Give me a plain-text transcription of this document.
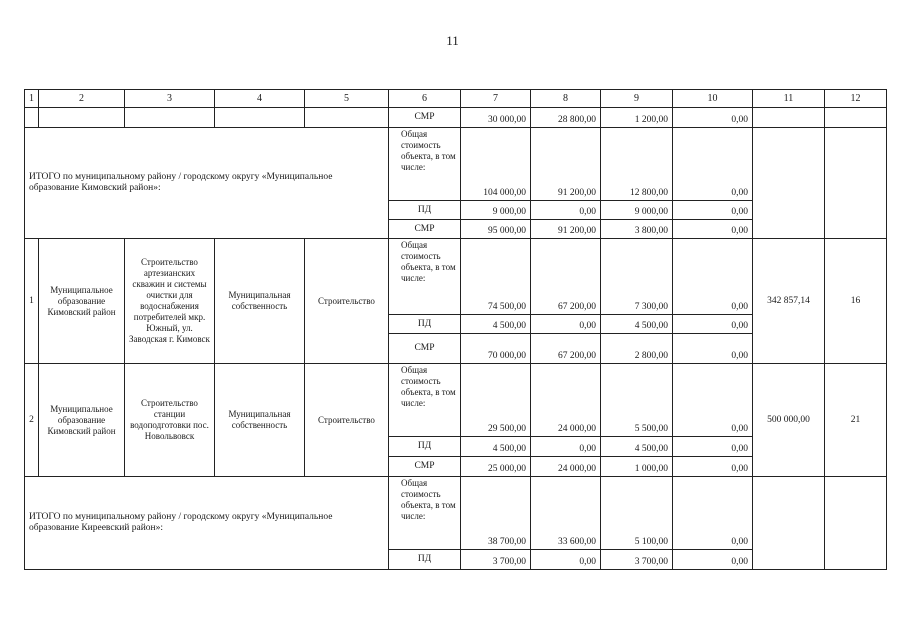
11
1	2	3	4	5	6	7	8	9	10	11	12
					СМР	30 000,00	28 800,00	1 200,00	0,00		
ИТОГО по муниципальному району / городскому округу «Муниципальное образование Кимовский район»:					Общая стоимость объекта, в том числе:	104 000,00	91 200,00	12 800,00	0,00		
					ПД	9 000,00	0,00	9 000,00	0,00		
					СМР	95 000,00	91 200,00	3 800,00	0,00		
1	Муниципальное образование Кимовский район	Строительство артезианских скважин и системы очистки для водоснабжения потребителей мкр. Южный, ул. Заводская г. Кимовск	Муниципальная собственность	Строительство	Общая стоимость объекта, в том числе:	74 500,00	67 200,00	7 300,00	0,00	342 857,14	16
					ПД	4 500,00	0,00	4 500,00	0,00		
					СМР	70 000,00	67 200,00	2 800,00	0,00		
2	Муниципальное образование Кимовский район	Строительство станции водоподготовки пос. Новольвовск	Муниципальная собственность	Строительство	Общая стоимость объекта, в том числе:	29 500,00	24 000,00	5 500,00	0,00	500 000,00	21
					ПД	4 500,00	0,00	4 500,00	0,00		
					СМР	25 000,00	24 000,00	1 000,00	0,00		
ИТОГО по муниципальному району / городскому округу «Муниципальное образование Киреевский район»:					Общая стоимость объекта, в том числе:	38 700,00	33 600,00	5 100,00	0,00		
					ПД	3 700,00	0,00	3 700,00	0,00		
